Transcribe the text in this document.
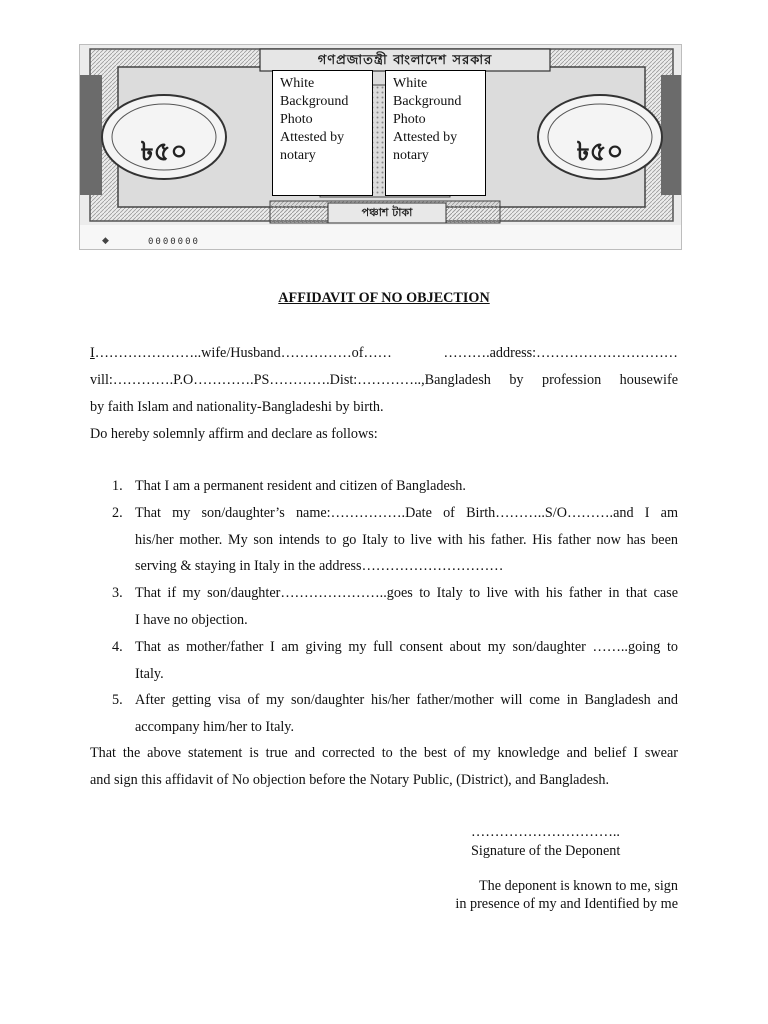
গণপ্রজাতন্ত্রী বাংলাদেশ সরকার
৳৫০	৳৫০
পঞ্চাশ টাকা
◆	0000000
White
Background
Photo
Attested by
notary
White
Background
Photo
Attested by
notary
AFFIDAVIT OF NO OBJECTION
I…………………..wife/Husband……………of…… ……….address:…………………………
vill:………….P.O………….PS………….Dist:…………..,Bangladesh by profession housewife
by faith Islam and nationality-Bangladeshi by birth.
Do hereby solemnly affirm and declare as follows:
1. That I am a permanent resident and citizen of Bangladesh.
2. That my son/daughter’s name:…………….Date of Birth………..S/O……….and I am
his/her mother. My son intends to go Italy to live with his father. His father now has been
serving & staying in Italy in the address…………………………
3. That if my son/daughter…………………..goes to Italy to live with his father in that case
I have no objection.
4. That as mother/father I am giving my full consent about my son/daughter ……..going to
Italy.
5. After getting visa of my son/daughter his/her father/mother will come in Bangladesh and
accompany him/her to Italy.
That the above statement is true and corrected to the best of my knowledge and belief I swear
and sign this affidavit of No objection before the Notary Public, (District), and Bangladesh.
…………………………..
Signature of the Deponent
The deponent is known to me, sign
in presence of my and Identified by me
